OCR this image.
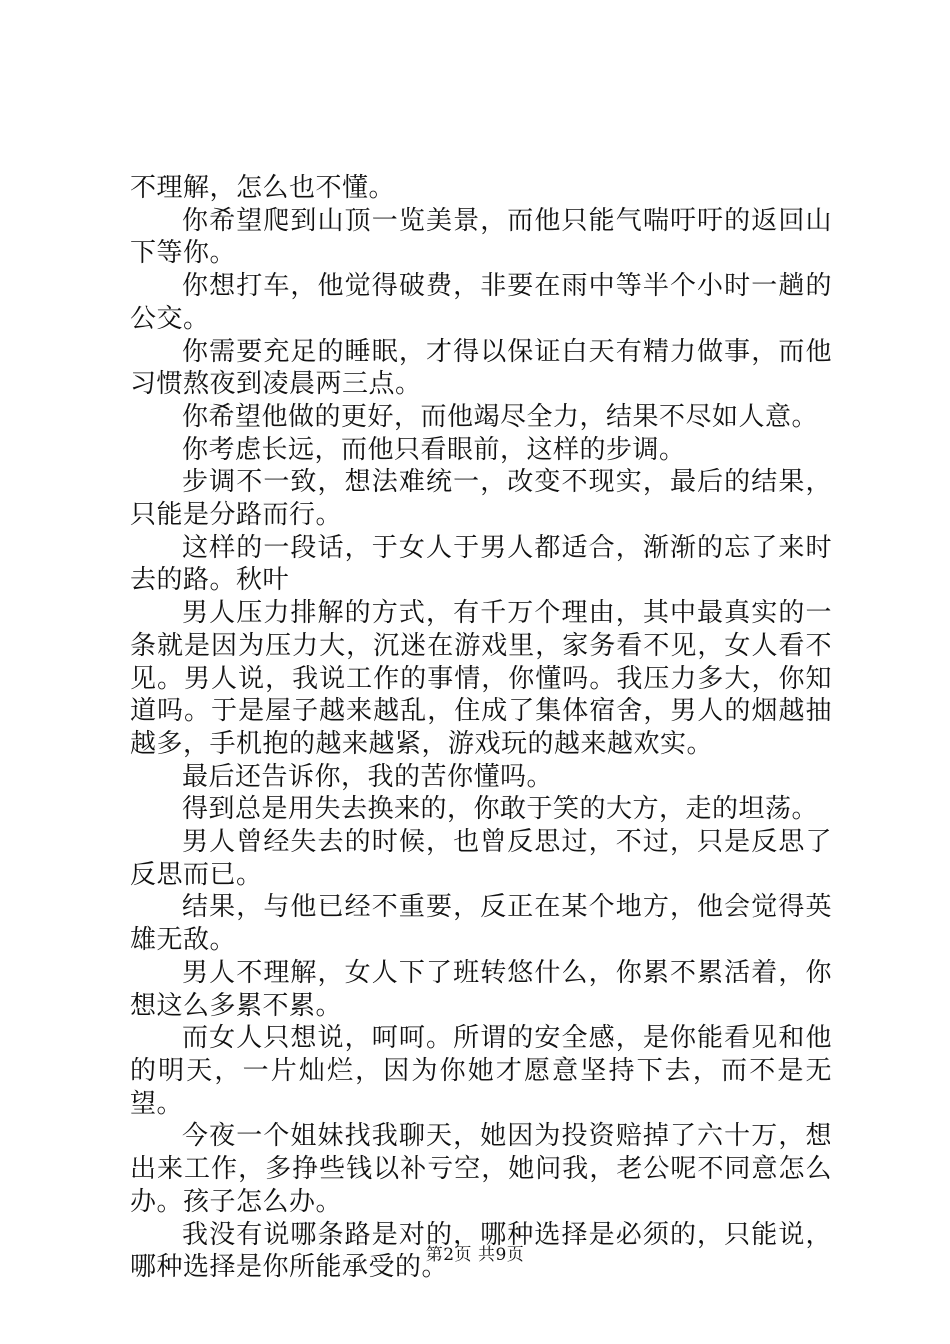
不理解，怎么也不懂。

你希望爬到山顶一览美景，而他只能气喘吁吁的返回山下等你。

你想打车，他觉得破费，非要在雨中等半个小时一趟的公交。

你需要充足的睡眠，才得以保证白天有精力做事，而他习惯熬夜到凌晨两三点。

你希望他做的更好，而他竭尽全力，结果不尽如人意。

你考虑长远，而他只看眼前，这样的步调。

步调不一致，想法难统一，改变不现实，最后的结果，只能是分路而行。

这样的一段话，于女人于男人都适合，渐渐的忘了来时去的路。秋叶

男人压力排解的方式，有千万个理由，其中最真实的一条就是因为压力大，沉迷在游戏里，家务看不见，女人看不见。男人说，我说工作的事情，你懂吗。我压力多大，你知道吗。于是屋子越来越乱，住成了集体宿舍，男人的烟越抽越多，手机抱的越来越紧，游戏玩的越来越欢实。

最后还告诉你，我的苦你懂吗。

得到总是用失去换来的，你敢于笑的大方，走的坦荡。

男人曾经失去的时候，也曾反思过，不过，只是反思了反思而已。

结果，与他已经不重要，反正在某个地方，他会觉得英雄无敌。

男人不理解，女人下了班转悠什么，你累不累活着，你想这么多累不累。

而女人只想说，呵呵。所谓的安全感，是你能看见和他的明天，一片灿烂，因为你她才愿意坚持下去，而不是无望。

今夜一个姐妹找我聊天，她因为投资赔掉了六十万，想出来工作，多挣些钱以补亏空，她问我，老公呢不同意怎么办。孩子怎么办。

我没有说哪条路是对的，哪种选择是必须的，只能说，哪种选择是你所能承受的。

第2页 共9页
